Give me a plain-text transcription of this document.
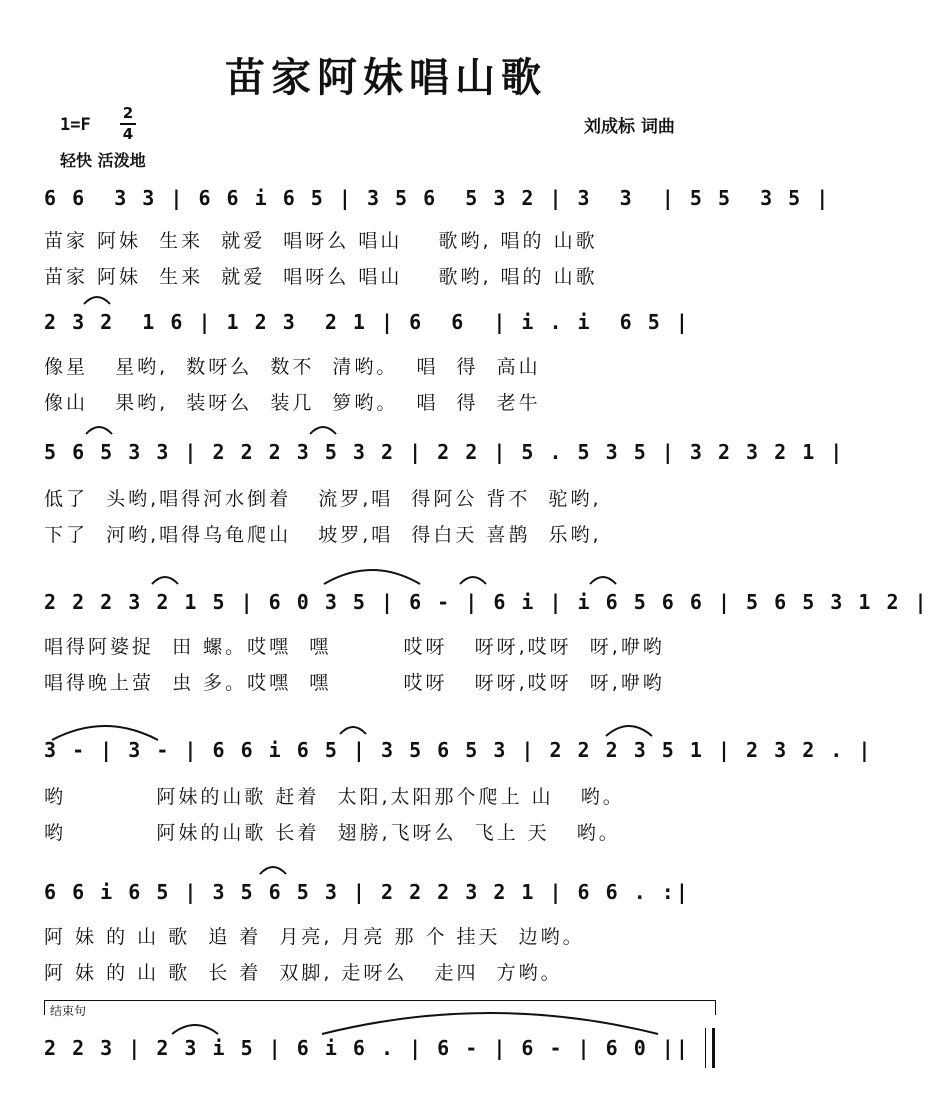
苗家阿妹唱山歌
1=F
2
4
轻快 活泼地
刘成标 词曲
6 6  3 3 | 6 6 i 6 5 | 3 5 6  5 3 2 | 3  3  | 5 5  3 5 |
苗家 阿妹  生来  就爱  唱呀么 唱山    歌哟, 唱的 山歌
苗家 阿妹  生来  就爱  唱呀么 唱山    歌哟, 唱的 山歌
2 3 2  1 6 | 1 2 3  2 1 | 6  6  | i . i  6 5 |
像星   星哟,  数呀么  数不  清哟。  唱  得  高山
像山   果哟,  装呀么  装几  箩哟。  唱  得  老牛
5 6 5 3 3 | 2 2 2 3 5 3 2 | 2 2 | 5 . 5 3 5 | 3 2 3 2 1 |
低了  头哟,唱得河水倒着   流罗,唱  得阿公 背不  驼哟,
下了  河哟,唱得乌龟爬山   坡罗,唱  得白天 喜鹊  乐哟,
2 2 2 3 2 1 5 | 6 0 3 5 | 6 - | 6 i | i 6 5 6 6 | 5 6 5 3 1 2 |
唱得阿婆捉  田 螺。哎嘿  嘿        哎呀   呀呀,哎呀  呀,咿哟
唱得晚上萤  虫 多。哎嘿  嘿        哎呀   呀呀,哎呀  呀,咿哟
3 - | 3 - | 6 6 i 6 5 | 3 5 6 5 3 | 2 2 2 3 5 1 | 2 3 2 . |
哟          阿妹的山歌 赶着  太阳,太阳那个爬上 山   哟。
哟          阿妹的山歌 长着  翅膀,飞呀么  飞上 天   哟。
6 6 i 6 5 | 3 5 6 5 3 | 2 2 2 3 2 1 | 6 6 . :|
阿 妹 的 山 歌  追 着  月亮, 月亮 那 个 挂天  边哟。
阿 妹 的 山 歌  长 着  双脚, 走呀么   走四  方哟。
结束句
2 2 3 | 2 3 i 5 | 6 i 6 . | 6 - | 6 - | 6 0 ||
